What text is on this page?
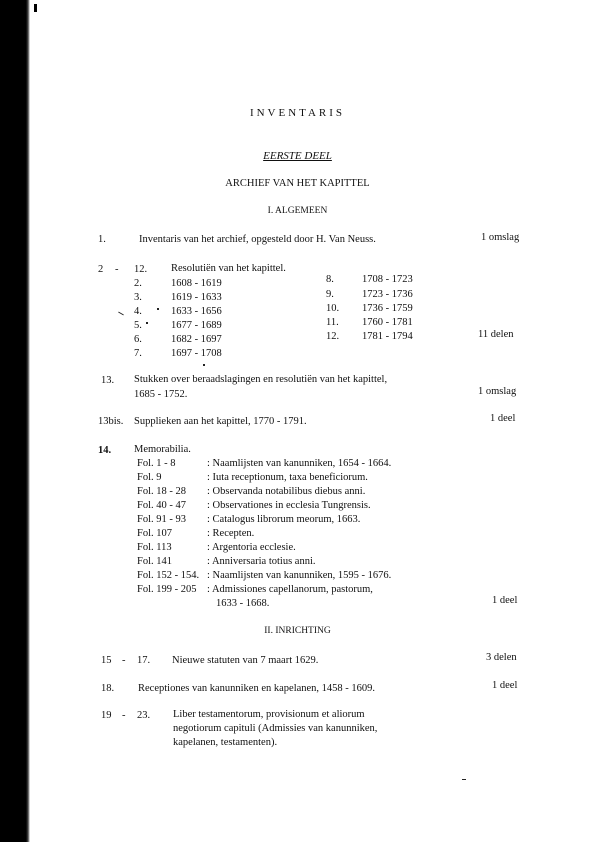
INVENTARIS
EERSTE DEEL
ARCHIEF VAN HET KAPITTEL
I. ALGEMEEN
1.	Inventaris van het archief, opgesteld door H. Van Neuss.	1 omslag
2 - 12. Resolutiën van het kapittel.
2.	1608 - 1619
3.	1619 - 1633
4.	1633 - 1656
5.	1677 - 1689
6.	1682 - 1697
7.	1697 - 1708
8.	1708 - 1723
9.	1723 - 1736
10. 1736 - 1759
11. 1760 - 1781
12. 1781 - 1794	11 delen
13. Stukken over beraadslagingen en resolutiën van het kapittel,
1685 - 1752.	1 omslag
13bis. Supplieken aan het kapittel, 1770 - 1791.	1 deel
14. Memorabilia.
Fol. 1 - 8	: Naamlijsten van kanunniken, 1654 - 1664.
Fol. 9	: Iuta receptionum, taxa beneficiorum.
Fol. 18 - 28 : Observanda notabilibus diebus anni.
Fol. 40 - 47 : Observationes in ecclesia Tungrensis.
Fol. 91 - 93 : Catalogus librorum meorum, 1663.
Fol. 107	: Recepten.
Fol. 113	: Argentoria ecclesie.
Fol. 141	: Anniversaria totius anni.
Fol. 152 - 154. : Naamlijsten van kanunniken, 1595 - 1676.
Fol. 199 - 205 : Admissiones capellanorum, pastorum,
1633 - 1668.	1 deel
II. INRICHTING
15 - 17. Nieuwe statuten van 7 maart 1629.	3 delen
18. Receptiones van kanunniken en kapelanen, 1458 - 1609.	1 deel
19 - 23. Liber testamentorum, provisionum et aliorum
negotiorum capituli (Admissies van kanunniken,
kapelanen, testamenten).
